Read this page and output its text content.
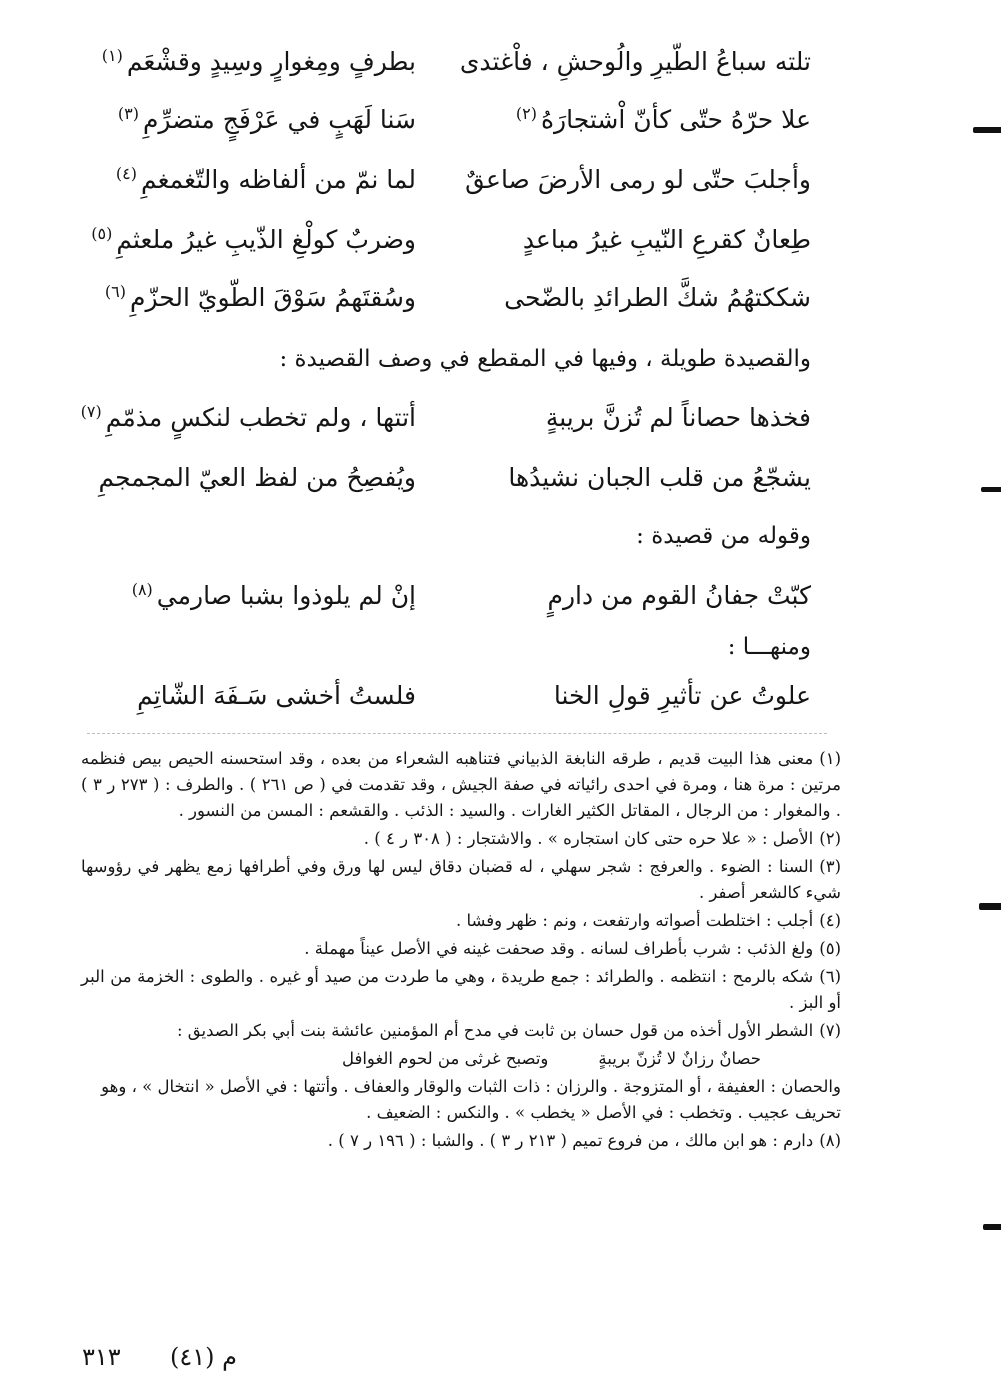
تلته سباعُ الطّيرِ والُوحشِ ، فاْغتدى
بطرفٍ ومِغوارٍ وسِيدٍ وقشْعَم$^{(١)}$
علا حرّهُ حتّى كأنّ اْشتجارَهُ$^{(٢)}$
سَنا لَهَبٍ في عَرْفَجٍ متضرِّمِ$^{(٣)}$
وأجلبَ حتّى لو رمى الأرضَ صاعقٌ
لما نمّ من ألفاظه والتّغمغمِ$^{(٤)}$
طِعانٌ كقرعِ النّيبِ غيرُ مباعدٍ
وضربٌ كولْغِ الذّيبِ غيرُ ملعثمِ$^{(٥)}$
شككتهُمُ شكَّ الطرائدِ بالضّحى
وسُقتَهمُ سَوْقَ الطّويّ الحزّمِ$^{(٦)}$
والقصيدة طويلة ، وفيها في المقطع في وصف القصيدة :
فخذها حصاناً لم تُزنَّ بريبةٍ
أتتها ، ولم تخطب لنكسٍ مذمّمِ$^{(٧)}$
يشجّعُ من قلب الجبان نشيدُها
ويُفصِحُ من لفظ العيّ المجمجمِ
وقوله من قصيدة :
كبّتْ جفانُ القوم من دارمٍ
إنْ لم يلوذوا بشبا صارمي$^{(٨)}$
ومنهـــا :
علوتُ عن تأثيرِ قولِ الخنا
فلستُ أخشى سَـفَهَ الشّاتِمِ

(١)معنى هذا البيت قديم ، طرقه النابغة الذبياني فتناهبه الشعراء من بعده ، وقد استحسنه الحيص بيص فنظمه مرتين : مرة هنا ، ومرة في احدى رائياته في صفة الجيش ، وقد تقدمت في ( ص ٢٦١ ) . والطرف : ( ٢٧٣ ر ٣ ) . والمغوار : من الرجال ، المقاتل الكثير الغارات . والسيد : الذئب . والقشعم : المسن من النسور .

(٢)الأصل : « علا حره حتى كان استجاره » . والاشتجار : ( ٣٠٨ ر ٤ ) .

(٣)السنا : الضوء . والعرفج : شجر سهلي ، له قضبان دقاق ليس لها ورق وفي أطرافها زمع يظهر في رؤوسها شيء كالشعر أصفر .

(٤)أجلب : اختلطت أصواته وارتفعت ، ونم : ظهر وفشا .

(٥)ولغ الذئب : شرب بأطراف لسانه . وقد صحفت غينه في الأصل عيناً مهملة .

(٦)شكه بالرمح : انتظمه . والطرائد : جمع طريدة ، وهي ما طردت من صيد أو غيره . والطوى : الخزمة من البر أو البز .

(٧)الشطر الأول أخذه من قول حسان بن ثابت في مدح أم المؤمنين عائشة بنت أبي بكر الصديق :

حصانٌ رزانٌ لا تُزنّ بريبةٍوتصبح غرثى من لحوم الغوافل

والحصان : العفيفة ، أو المتزوجة . والرزان : ذات الثبات والوقار والعفاف . وأتتها : في الأصل « انتخال » ، وهو تحريف عجيب . وتخطب : في الأصل « يخطب » . والنكس : الضعيف .

(٨)دارم : هو ابن مالك ، من فروع تميم ( ٢١٣ ر ٣ ) . والشبا : ( ١٩٦ ر ٧ ) .

م (٤١)
٣١٣
